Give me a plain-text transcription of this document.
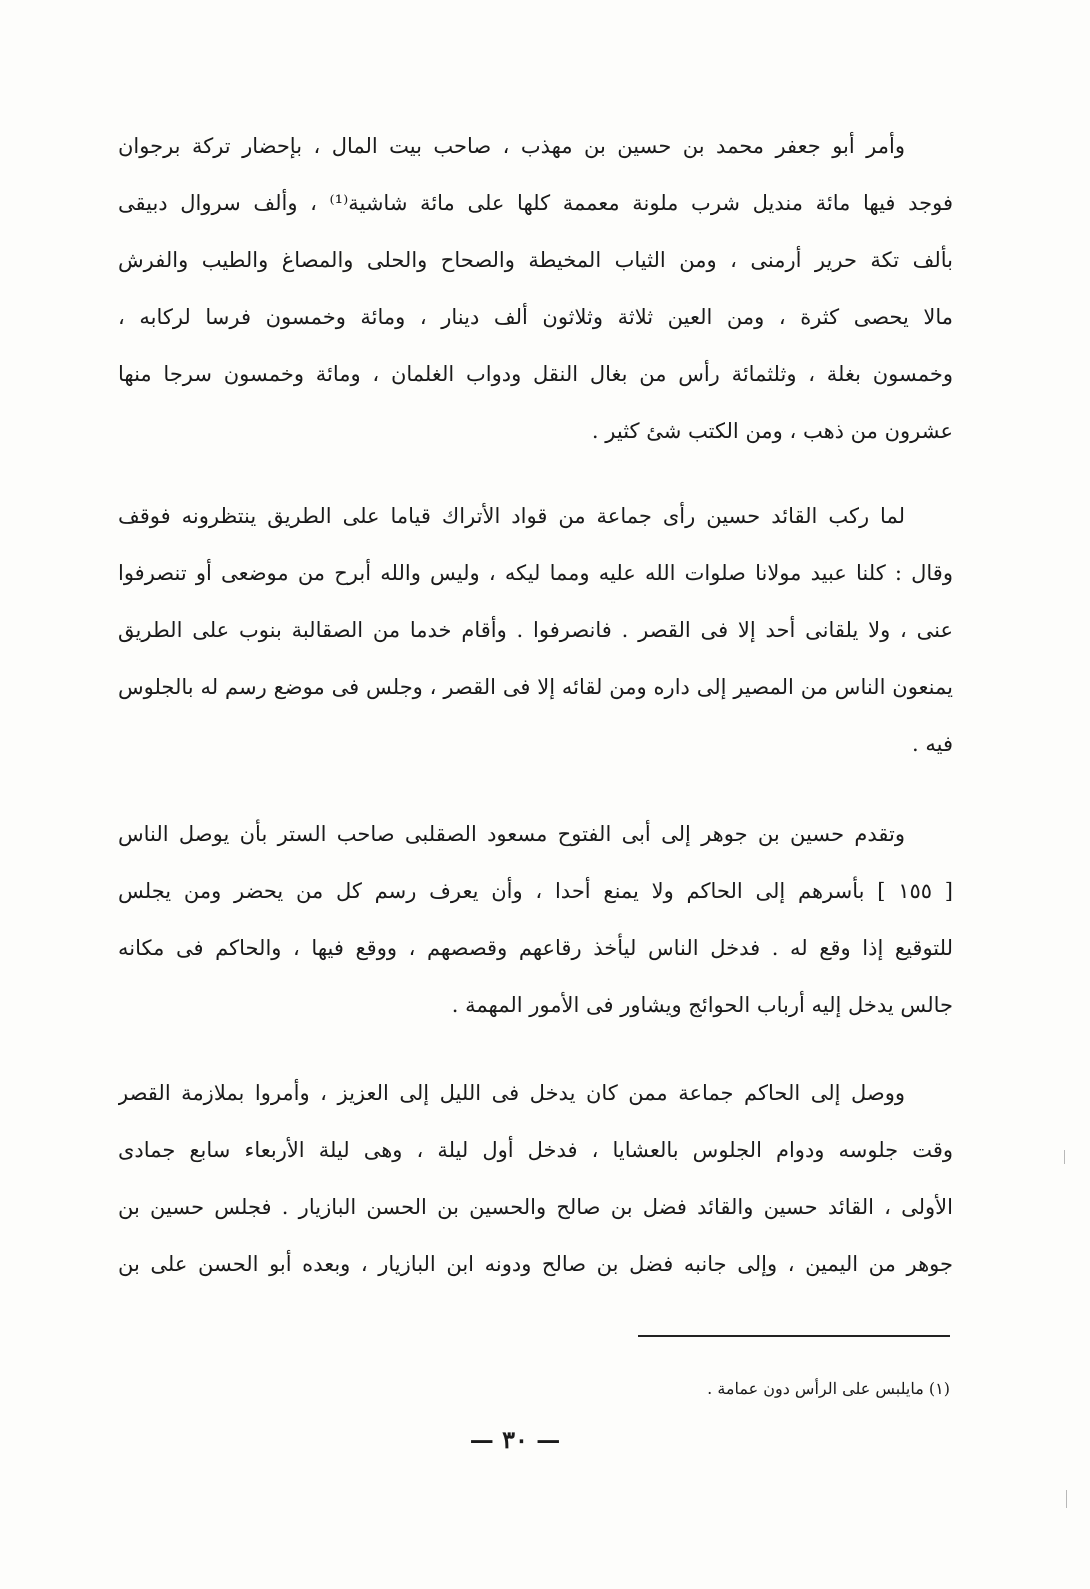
وأمر أبو جعفر محمد بن حسين بن مهذب ، صاحب بيت المال ، بإحضار تركة برجوان
فوجد فيها مائة منديل شرب ملونة معممة كلها على مائة شاشية⁽¹⁾ ، وألف سروال دبيقى
بألف تكة حرير أرمنى ، ومن الثياب المخيطة والصحاح والحلى والمصاغ والطيب والفرش
مالا يحصى كثرة ، ومن العين ثلاثة وثلاثون ألف دينار ، ومائة وخمسون فرسا لركابه ،
وخمسون بغلة ، وثلثمائة رأس من بغال النقل ودواب الغلمان ، ومائة وخمسون سرجا منها
عشرون من ذهب ، ومن الكتب شئ كثير .
لما ركب القائد حسين رأى جماعة من قواد الأتراك قياما على الطريق ينتظرونه فوقف
وقال : كلنا عبيد مولانا صلوات الله عليه ومما ليكه ، وليس والله أبرح من موضعى أو تنصرفوا
عنى ، ولا يلقانى أحد إلا فى القصر . فانصرفوا . وأقام خدما من الصقالبة بنوب على الطريق
يمنعون الناس من المصير إلى داره ومن لقائه إلا فى القصر ، وجلس فى موضع رسم له بالجلوس
فيه .
وتقدم حسين بن جوهر إلى أبى الفتوح مسعود الصقلبى صاحب الستر بأن يوصل الناس
[ ١٥٥ ] بأسرهم إلى الحاكم ولا يمنع أحدا ، وأن يعرف رسم كل من يحضر ومن يجلس
للتوقيع إذا وقع له . فدخل الناس ليأخذ رقاعهم وقصصهم ، ووقع فيها ، والحاكم فى مكانه
جالس يدخل إليه أرباب الحوائج ويشاور فى الأمور المهمة .
ووصل إلى الحاكم جماعة ممن كان يدخل فى الليل إلى العزيز ، وأمروا بملازمة القصر
وقت جلوسه ودوام الجلوس بالعشايا ، فدخل أول ليلة ، وهى ليلة الأربعاء سابع جمادى
الأولى ، القائد حسين والقائد فضل بن صالح والحسين بن الحسن البازيار . فجلس حسين بن
جوهر من اليمين ، وإلى جانبه فضل بن صالح ودونه ابن البازيار ، وبعده أبو الحسن على بن
(١) مايلبس على الرأس دون عمامة .
— ٣٠ —
